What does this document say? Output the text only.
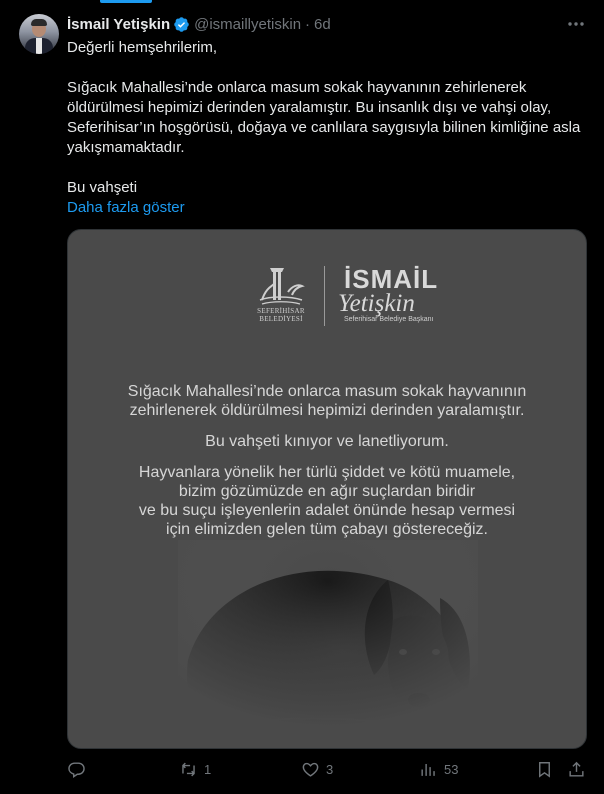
İsmail Yetişkin @ismaillyetiskin · 6d

Değerli hemşehrilerim,

Sığacık Mahallesi’nde onlarca masum sokak hayvanının zehirlenerek öldürülmesi hepimizi derinden yaralamıştır. Bu insanlık dışı ve vahşi olay, Seferihisar’ın hoşgörüsü, doğaya ve canlılara saygısıyla bilinen kimliğine asla yakışmamaktadır.

Bu vahşeti

Daha fazla göster

SEFERİHİSAR
BELEDİYESİ
İSMAİL
Yetişkin
Seferihisar Belediye Başkanı

Sığacık Mahallesi’nde onlarca masum sokak hayvanının

zehirlenerek öldürülmesi hepimizi derinden yaralamıştır.

Bu vahşeti kınıyor ve lanetliyorum.

Hayvanlara yönelik her türlü şiddet ve kötü muamele,

bizim gözümüzde en ağır suçlardan biridir

ve bu suçu işleyenlerin adalet önünde hesap vermesi

için elimizden gelen tüm çabayı göstereceğiz.

1	3	53
